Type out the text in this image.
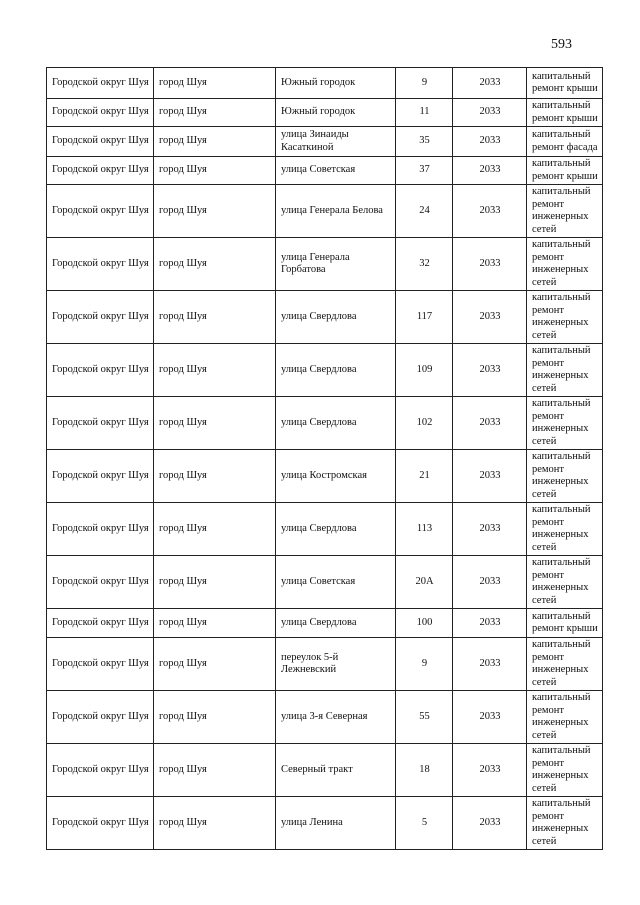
593
Городской округ Шуя	город Шуя	Южный городок	9	2033	капитальный ремонт крыши
Городской округ Шуя	город Шуя	Южный городок	11	2033	капитальный ремонт крыши
Городской округ Шуя	город Шуя	улица Зинаиды Касаткиной	35	2033	капитальный ремонт фасада
Городской округ Шуя	город Шуя	улица Советская	37	2033	капитальный ремонт крыши
Городской округ Шуя	город Шуя	улица Генерала Белова	24	2033	капитальный ремонт инженерных сетей
Городской округ Шуя	город Шуя	улица Генерала Горбатова	32	2033	капитальный ремонт инженерных сетей
Городской округ Шуя	город Шуя	улица Свердлова	117	2033	капитальный ремонт инженерных сетей
Городской округ Шуя	город Шуя	улица Свердлова	109	2033	капитальный ремонт инженерных сетей
Городской округ Шуя	город Шуя	улица Свердлова	102	2033	капитальный ремонт инженерных сетей
Городской округ Шуя	город Шуя	улица Костромская	21	2033	капитальный ремонт инженерных сетей
Городской округ Шуя	город Шуя	улица Свердлова	113	2033	капитальный ремонт инженерных сетей
Городской округ Шуя	город Шуя	улица Советская	20А	2033	капитальный ремонт инженерных сетей
Городской округ Шуя	город Шуя	улица Свердлова	100	2033	капитальный ремонт крыши
Городской округ Шуя	город Шуя	переулок 5-й Лежневский	9	2033	капитальный ремонт инженерных сетей
Городской округ Шуя	город Шуя	улица 3-я Северная	55	2033	капитальный ремонт инженерных сетей
Городской округ Шуя	город Шуя	Северный тракт	18	2033	капитальный ремонт инженерных сетей
Городской округ Шуя	город Шуя	улица Ленина	5	2033	капитальный ремонт инженерных сетей
